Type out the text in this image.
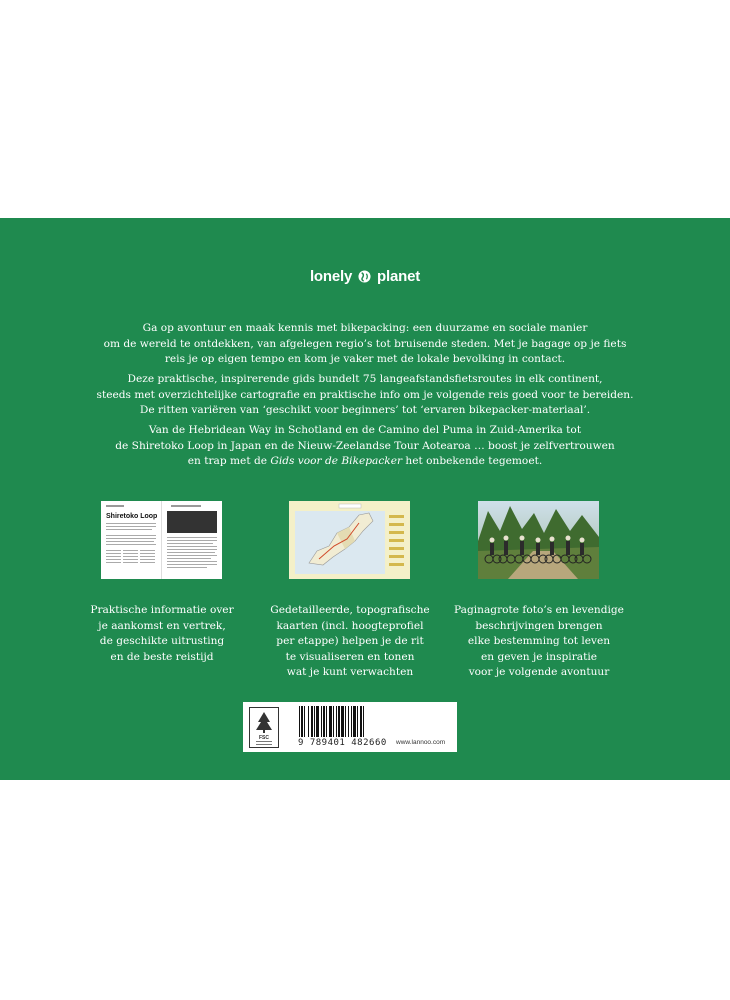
lonely planet
Ga op avontuur en maak kennis met bikepacking: een duurzame en sociale manier
om de wereld te ontdekken, van afgelegen regio’s tot bruisende steden. Met je bagage op je fiets
reis je op eigen tempo en kom je vaker met de lokale bevolking in contact.
Deze praktische, inspirerende gids bundelt 75 langeafstandsfietsroutes in elk continent,
steeds met overzichtelijke cartografie en praktische info om je volgende reis goed voor te bereiden.
De ritten variëren van ‘geschikt voor beginners’ tot ‘ervaren bikepacker-materiaal’.
Van de Hebridean Way in Schotland en de Camino del Puma in Zuid-Amerika tot
de Shiretoko Loop in Japan en de Nieuw-Zeelandse Tour Aotearoa … boost je zelfvertrouwen
en trap met de Gids voor de Bikepacker het onbekende tegemoet.
Shiretoko Loop
Praktische informatie over
je aankomst en vertrek,
de geschikte uitrusting
en de beste reistijd
Gedetailleerde, topografische
kaarten (incl. hoogteprofiel
per etappe) helpen je de rit
te visualiseren en tonen
wat je kunt verwachten
Paginagrote foto’s en levendige
beschrijvingen brengen
elke bestemming tot leven
en geven je inspiratie
voor je volgende avontuur
FSC	9 789401 482660 www.lannoo.com
